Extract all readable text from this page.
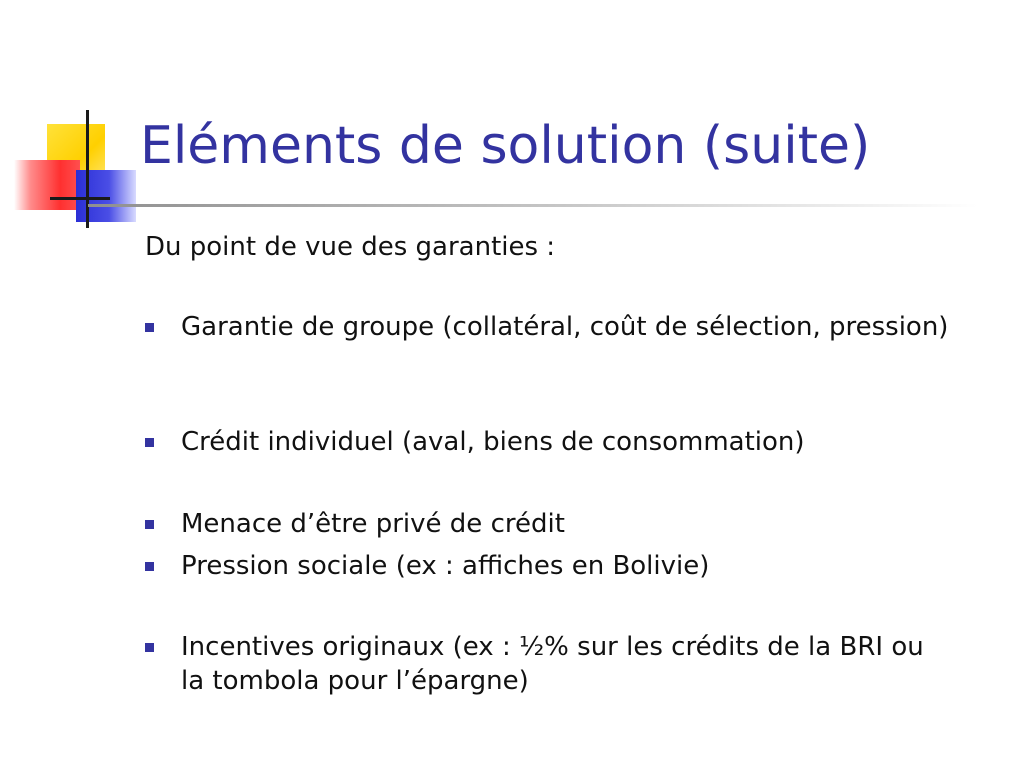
Eléments de solution (suite)
Du point de vue des garanties :
Garantie de groupe (collatéral, coût de sélection, pression)
Crédit individuel (aval, biens de consommation)
Menace d’être privé de crédit
Pression sociale (ex : affiches en Bolivie)
Incentives originaux (ex : ½% sur les crédits de la BRI ou la tombola pour l’épargne)
